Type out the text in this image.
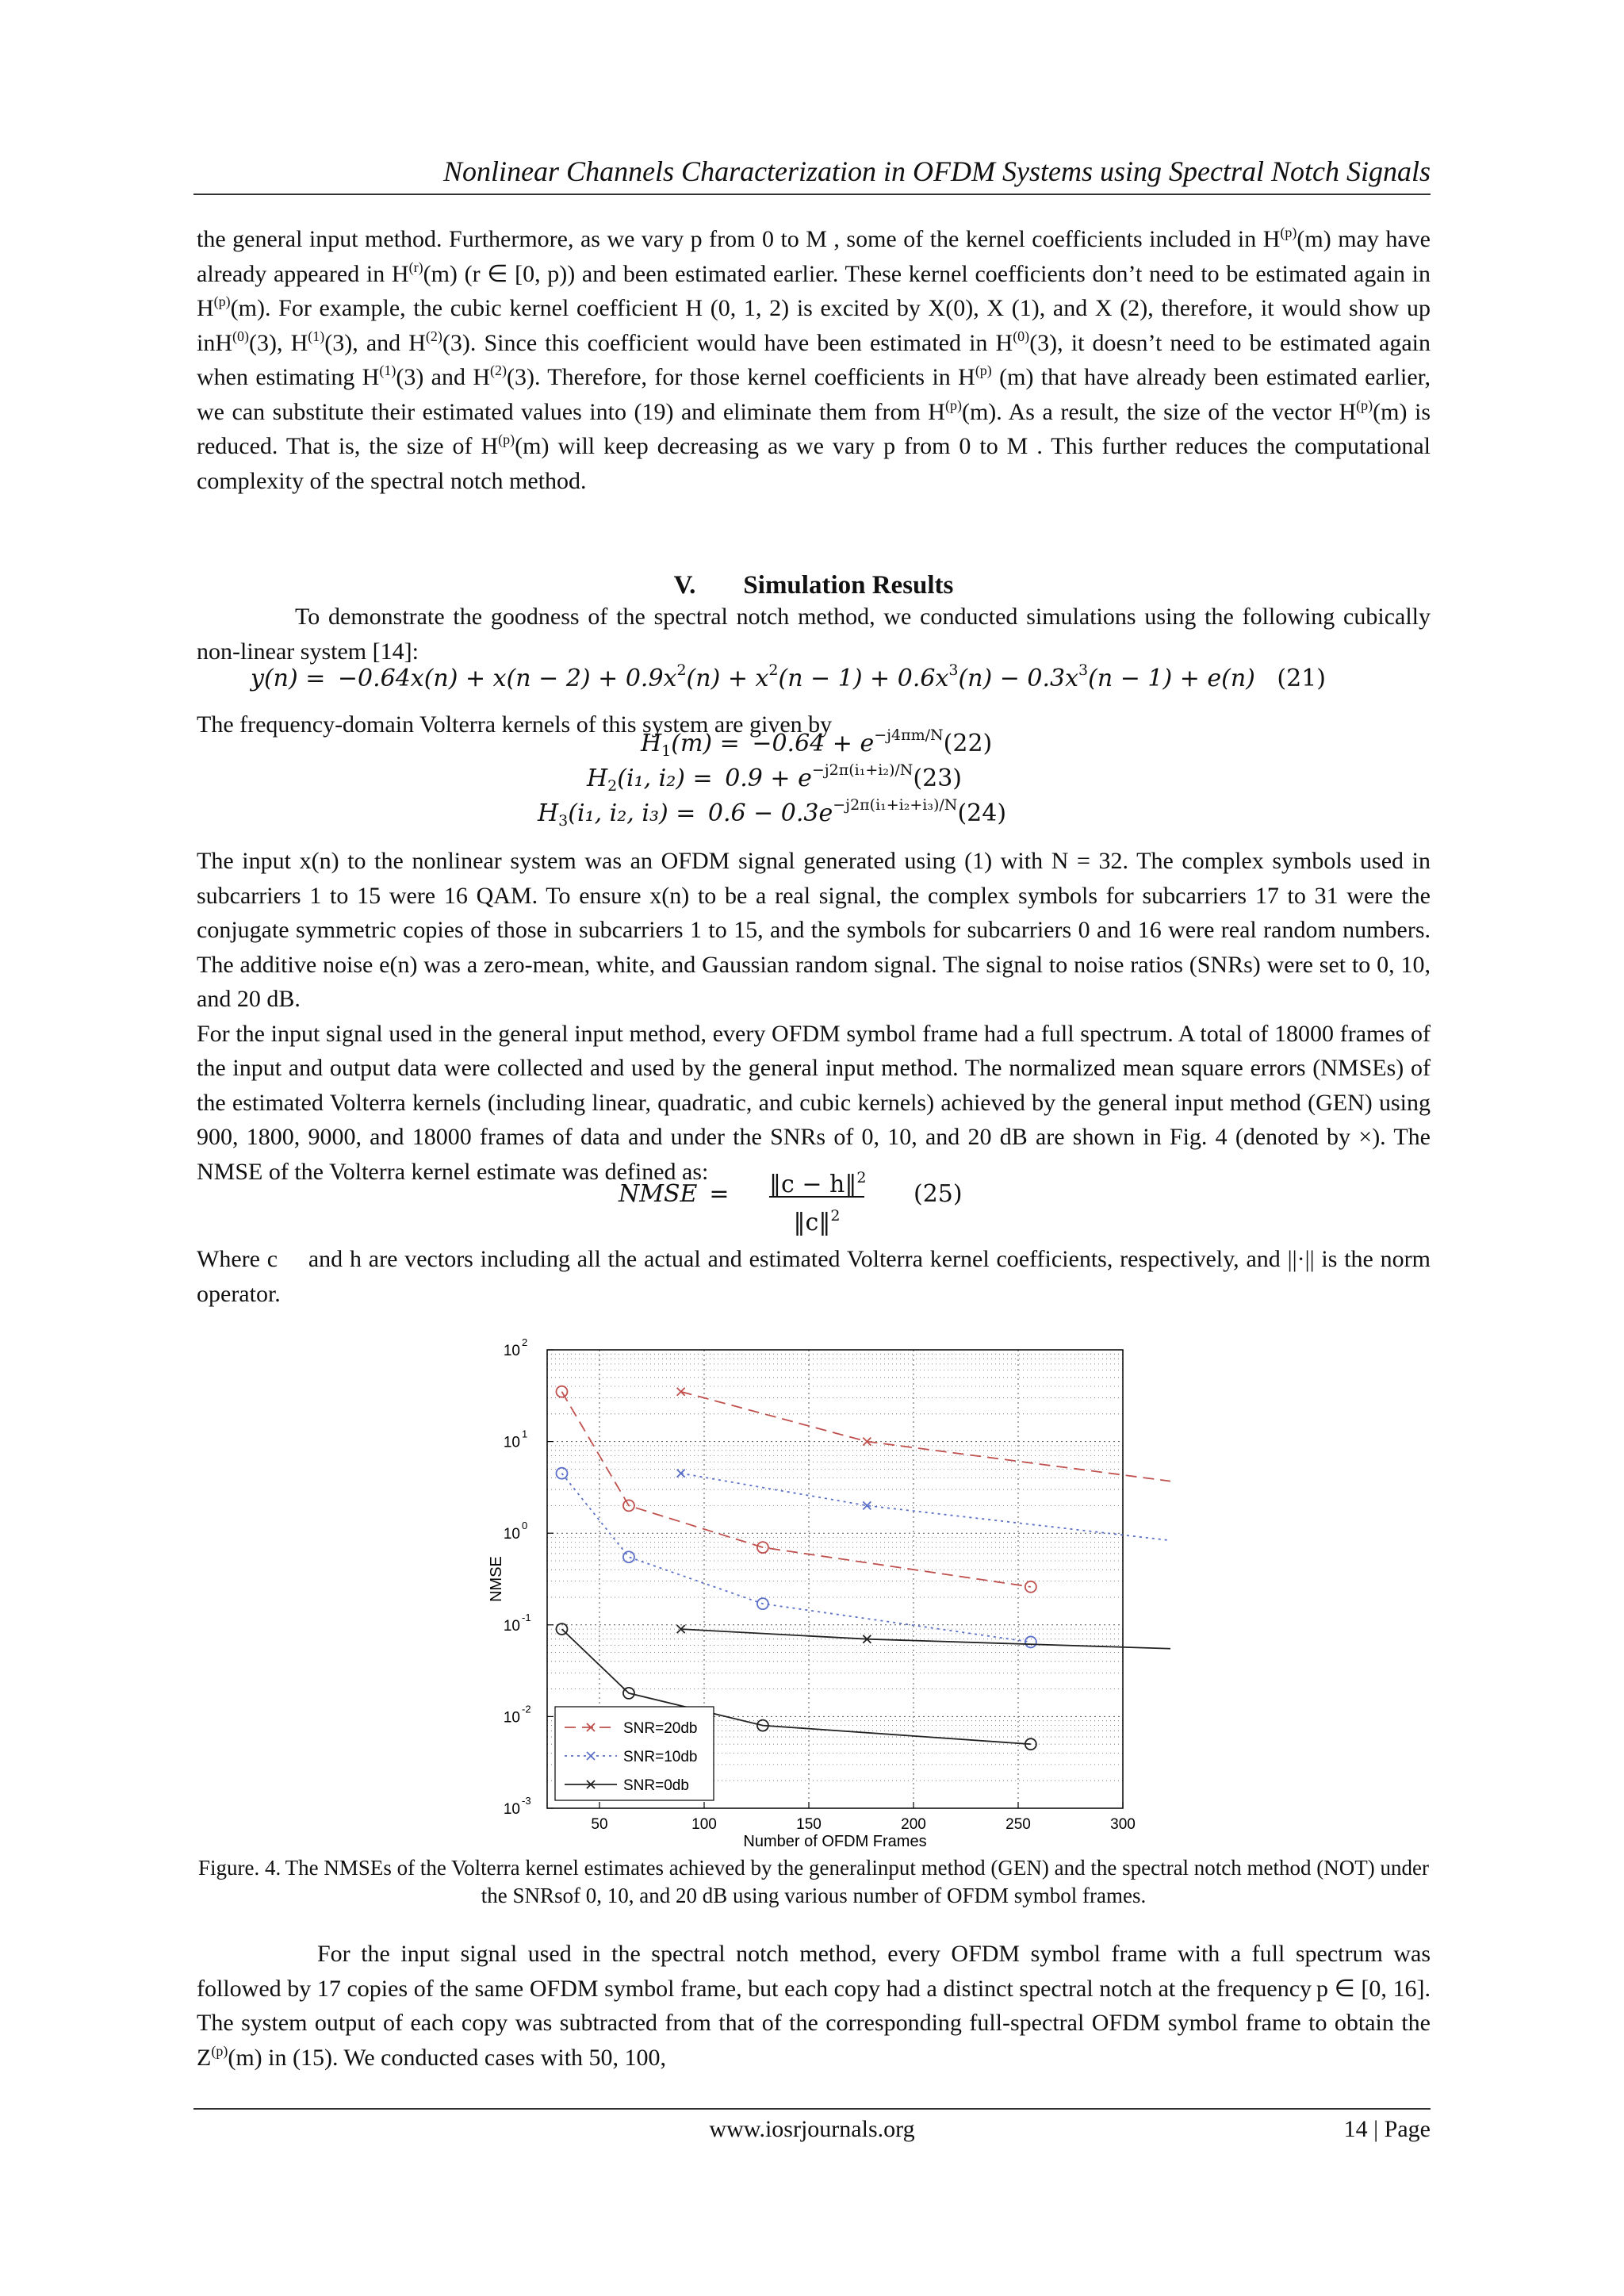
Nonlinear Channels Characterization in OFDM Systems using Spectral Notch Signals
the general input method. Furthermore, as we vary p from 0 to M , some of the kernel coefficients included in $H^{(p)}(m)$ may have already appeared in $H^{(r)}(m)$ (r ∈ [0, p)) and been estimated earlier. These kernel coefficients don’t need to be estimated again in $H^{(p)}(m)$. For example, the cubic kernel coefficient H (0, 1, 2) is excited by X(0), X (1), and X (2), therefore, it would show up inH$^{(0)}$(3), $H^{(1)}(3)$, and $H^{(2)}(3)$. Since this coefficient would have been estimated in $H^{(0)}(3)$, it doesn’t need to be estimated again when estimating $H^{(1)}(3)$ and $H^{(2)}(3)$. Therefore, for those kernel coefficients in $H^{(p)}$ (m) that have already been estimated earlier, we can substitute their estimated values into (19) and eliminate them from $H^{(p)}(m)$. As a result, the size of the vector $H^{(p)}(m)$ is reduced. That is, the size of $H^{(p)}(m)$ will keep decreasing as we vary p from 0 to M . This further reduces the computational complexity of the spectral notch method.
V. Simulation Results
To demonstrate the goodness of the spectral notch method, we conducted simulations using the following cubically non-linear system [14]:
$y(n) = -0.64x(n) + x(n - 2) + 0.9x^2(n) + x^2(n - 1) + 0.6x^3(n) - 0.3x^3(n - 1) + e(n)$ (21)
The frequency-domain Volterra kernels of this system are given by
$H_1(m) = -0.64 + e^{-j4\pi m/N}(22)$
$H_2(i_1$, $i_2) = 0.9 + e^{-j2\pi(i_1+i_2)/N}(23)$
$H_3(i_1$, i₂, $i_3) = 0.6 - 0.3e^{-j2\pi(i_1+i_2+i_3)/N}(24)$
The input x(n) to the nonlinear system was an OFDM signal generated using (1) with N = 32. The complex symbols used in subcarriers 1 to 15 were 16 QAM. To ensure x(n) to be a real signal, the complex symbols for subcarriers 17 to 31 were the conjugate symmetric copies of those in subcarriers 1 to 15, and the symbols for subcarriers 0 and 16 were real random numbers. The additive noise e(n) was a zero-mean, white, and Gaussian random signal. The signal to noise ratios (SNRs) were set to 0, 10, and 20 dB.
For the input signal used in the general input method, every OFDM symbol frame had a full spectrum. A total of 18000 frames of the input and output data were collected and used by the general input method. The normalized mean square errors (NMSEs) of the estimated Volterra kernels (including linear, quadratic, and cubic kernels) achieved by the general input method (GEN) using 900, 1800, 9000, and 18000 frames of data and under the SNRs of 0, 10, and 20 dB are shown in Fig. 4 (denoted by ×). The NMSE of the Volterra kernel estimate was defined as:
NMSE = ‖c − h‖$^2$
‖c‖$^2$
(25)
Where c  and h are vectors including all the actual and estimated Volterra kernel coefficients, respectively, and ||·|| is the norm operator.
50	100	150	200	250	300
10
2
10
1
10
0
10
-1
10
-2
10
-3
SNR=20db
SNR=10db
SNR=0db
Number of OFDM Frames
NMSE
Figure. 4. The NMSEs of the Volterra kernel estimates achieved by the generalinput method (GEN) and the spectral notch method (NOT) under the SNRsof 0, 10, and 20 dB using various number of OFDM symbol frames.
For the input signal used in the spectral notch method, every OFDM symbol frame with a full spectrum was followed by 17 copies of the same OFDM symbol frame, but each copy had a distinct spectral notch at the frequency p ∈ [0, 16]. The system output of each copy was subtracted from that of the corresponding full-spectral OFDM symbol frame to obtain the $Z^{(p)}(m)$ in (15). We conducted cases with 50, 100,
www.iosrjournals.org	14 | Page
